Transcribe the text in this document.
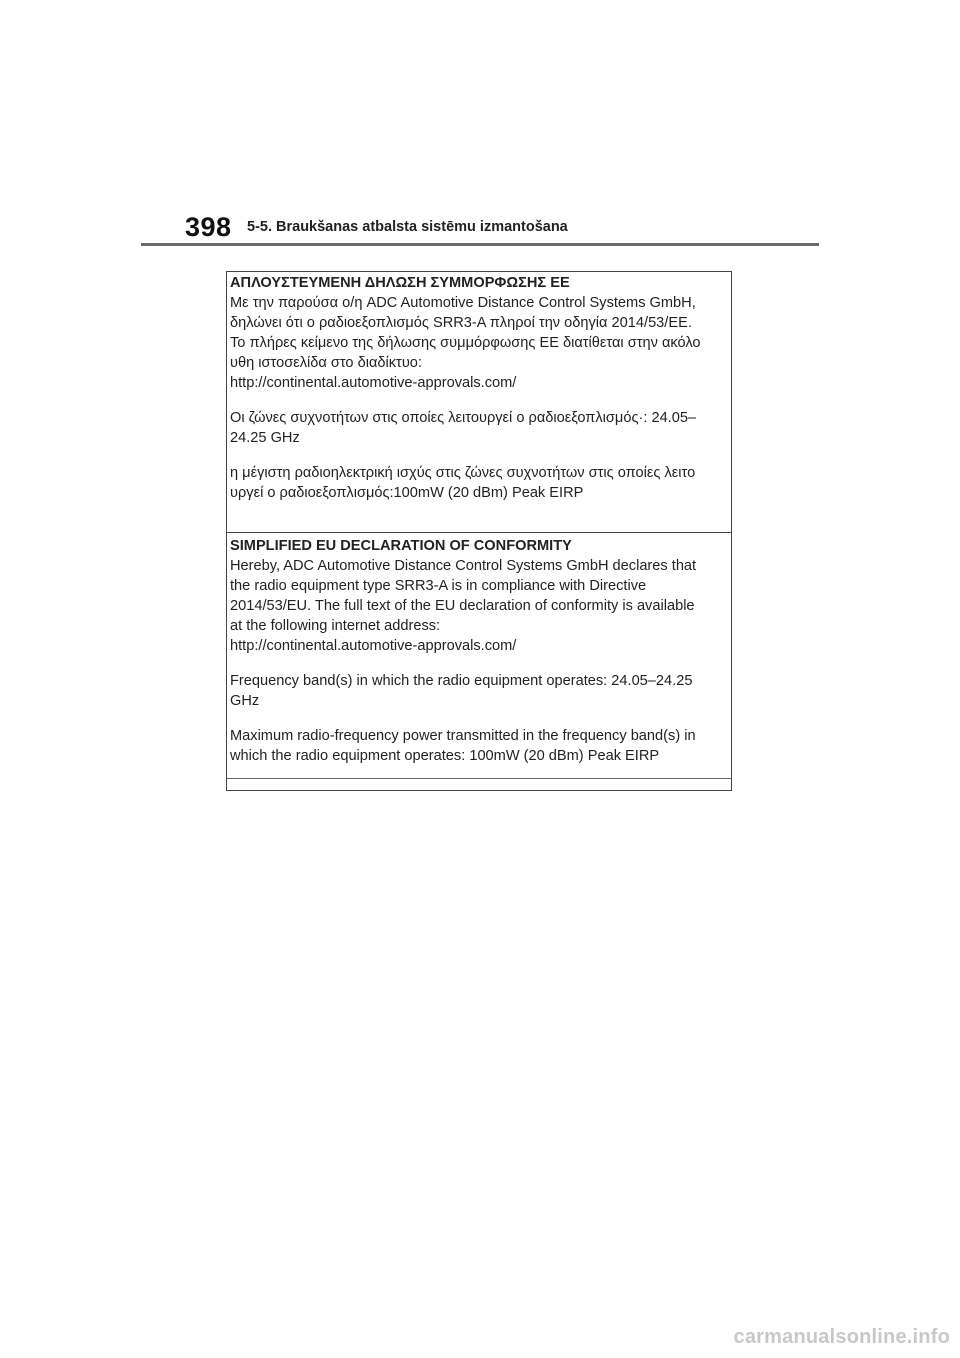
398 5-5. Braukšanas atbalsta sistēmu izmantošana

ΑΠΛΟΥΣΤΕΥΜΕΝΗ ΔΗΛΩΣΗ ΣΥΜΜΟΡΦΩΣΗΣ ΕΕ

Με την παρούσα ο/η ADC Automotive Distance Control Systems GmbH,

δηλώνει ότι ο ραδιοεξοπλισμός SRR3-A πληροί την οδηγία 2014/53/ΕΕ.

Το πλήρες κείμενο της δήλωσης συμμόρφωσης ΕΕ διατίθεται στην ακόλο

υθη ιστοσελίδα στο διαδίκτυο:

http://continental.automotive-approvals.com/

Οι ζώνες συχνοτήτων στις οποίες λειτουργεί ο ραδιοεξοπλισμός·: 24.05–

24.25 GHz

η μέγιστη ραδιοηλεκτρική ισχύς στις ζώνες συχνοτήτων στις οποίες λειτο

υργεί ο ραδιοεξοπλισμός:100mW (20 dBm) Peak EIRP

SIMPLIFIED EU DECLARATION OF CONFORMITY

Hereby, ADC Automotive Distance Control Systems GmbH declares that

the radio equipment type SRR3-A is in compliance with Directive

2014/53/EU. The full text of the EU declaration of conformity is available

at the following internet address:

http://continental.automotive-approvals.com/

Frequency band(s) in which the radio equipment operates: 24.05–24.25

GHz

Maximum radio-frequency power transmitted in the frequency band(s) in

which the radio equipment operates: 100mW (20 dBm) Peak EIRP

carmanualsonline.info
